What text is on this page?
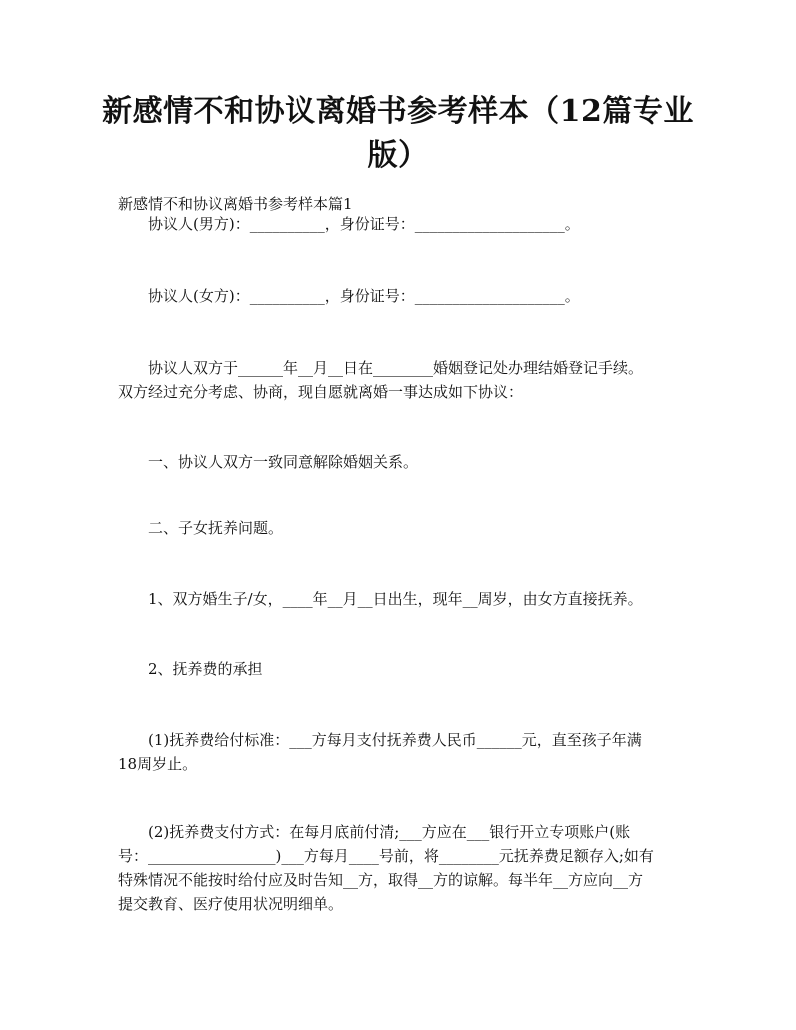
新感情不和协议离婚书参考样本（12篇专业
版）
新感情不和协议离婚书参考样本篇1
协议人(男方)：__________，身份证号：____________________。
协议人(女方)：__________，身份证号：____________________。
协议人双方于______年__月__日在________婚姻登记处办理结婚登记手续。
双方经过充分考虑、协商，现自愿就离婚一事达成如下协议：
一、协议人双方一致同意解除婚姻关系。
二、子女抚养问题。
1、双方婚生子/女，____年__月__日出生，现年__周岁，由女方直接抚养。
2、抚养费的承担
(1)抚养费给付标准：___方每月支付抚养费人民币______元，直至孩子年满
18周岁止。
(2)抚养费支付方式：在每月底前付清;___方应在___银行开立专项账户(账
号：_________________)___方每月____号前，将________元抚养费足额存入;如有
特殊情况不能按时给付应及时告知__方，取得__方的谅解。每半年__方应向__方
提交教育、医疗使用状况明细单。
